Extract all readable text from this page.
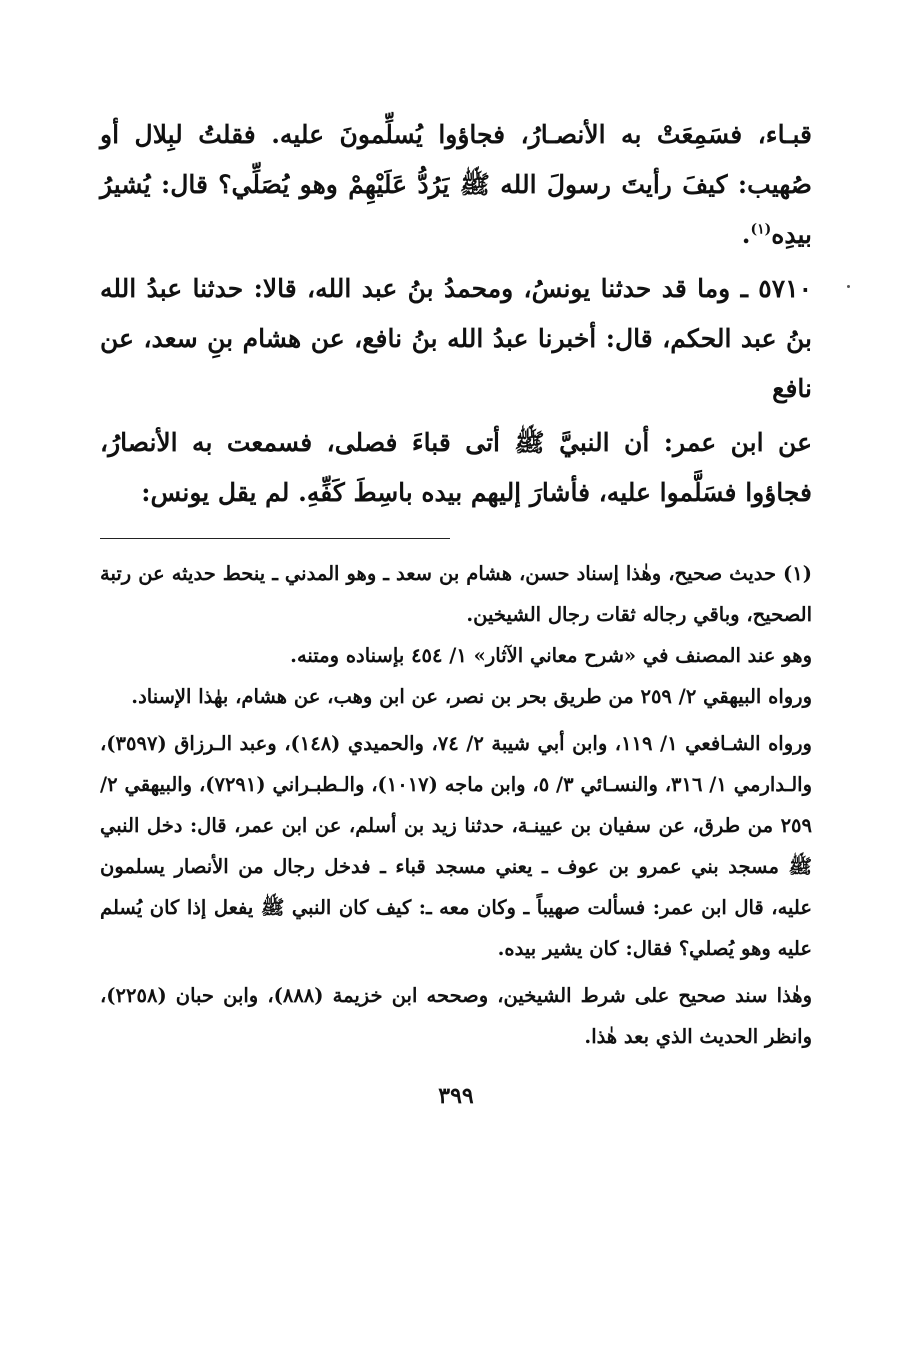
قبـاء، فسَمِعَتْ به الأنصـارُ، فجاؤوا يُسلِّمونَ عليه. فقلتُ لبِلال أو صُهيب: كيفَ رأيتَ رسولَ الله ﷺ يَرُدُّ عَلَيْهِمْ وهو يُصَلِّي؟ قال: يُشيرُ بيدِه$^{(١)}$.

٥٧١٠ ـ وما قد حدثنا يونسُ، ومحمدُ بنُ عبد الله، قالا: حدثنا عبدُ الله بنُ عبد الحكم، قال: أخبرنا عبدُ الله بنُ نافع، عن هشام بنِ سعد، عن نافع

عن ابن عمر: أن النبيَّ ﷺ أتى قباءَ فصلى، فسمعت به الأنصارُ، فجاؤوا فسَلَّموا عليه، فأشارَ إليهم بيده باسِطَ كَفِّهِ. لم يقل يونس:

(١) حديث صحيح، وهٰذا إسناد حسن، هشام بن سعد ـ وهو المدني ـ ينحط حديثه عن رتبة الصحيح، وباقي رجاله ثقات رجال الشيخين.

وهو عند المصنف في «شرح معاني الآثار» ١/ ٤٥٤ بإسناده ومتنه.

ورواه البيهقي ٢/ ٢٥٩ من طريق بحر بن نصر، عن ابن وهب، عن هشام، بهٰذا الإسناد.

ورواه الشـافعي ١/ ١١٩، وابن أبي شيبة ٢/ ٧٤، والحميدي (١٤٨)، وعبد الـرزاق (٣٥٩٧)، والـدارمي ١/ ٣١٦، والنسـائي ٣/ ٥، وابن ماجه (١٠١٧)، والـطبـراني (٧٢٩١)، والبيهقي ٢/ ٢٥٩ من طرق، عن سفيان بن عيينـة، حدثنا زيد بن أسلم، عن ابن عمر، قال: دخل النبي ﷺ مسجد بني عمرو بن عوف ـ يعني مسجد قباء ـ فدخل رجال من الأنصار يسلمون عليه، قال ابن عمر: فسألت صهيباً ـ وكان معه ـ: كيف كان النبي ﷺ يفعل إذا كان يُسلم عليه وهو يُصلي؟ فقال: كان يشير بيده.

وهٰذا سند صحيح على شرط الشيخين، وصححه ابن خزيمة (٨٨٨)، وابن حبان (٢٢٥٨)، وانظر الحديث الذي بعد هٰذا.

٣٩٩
